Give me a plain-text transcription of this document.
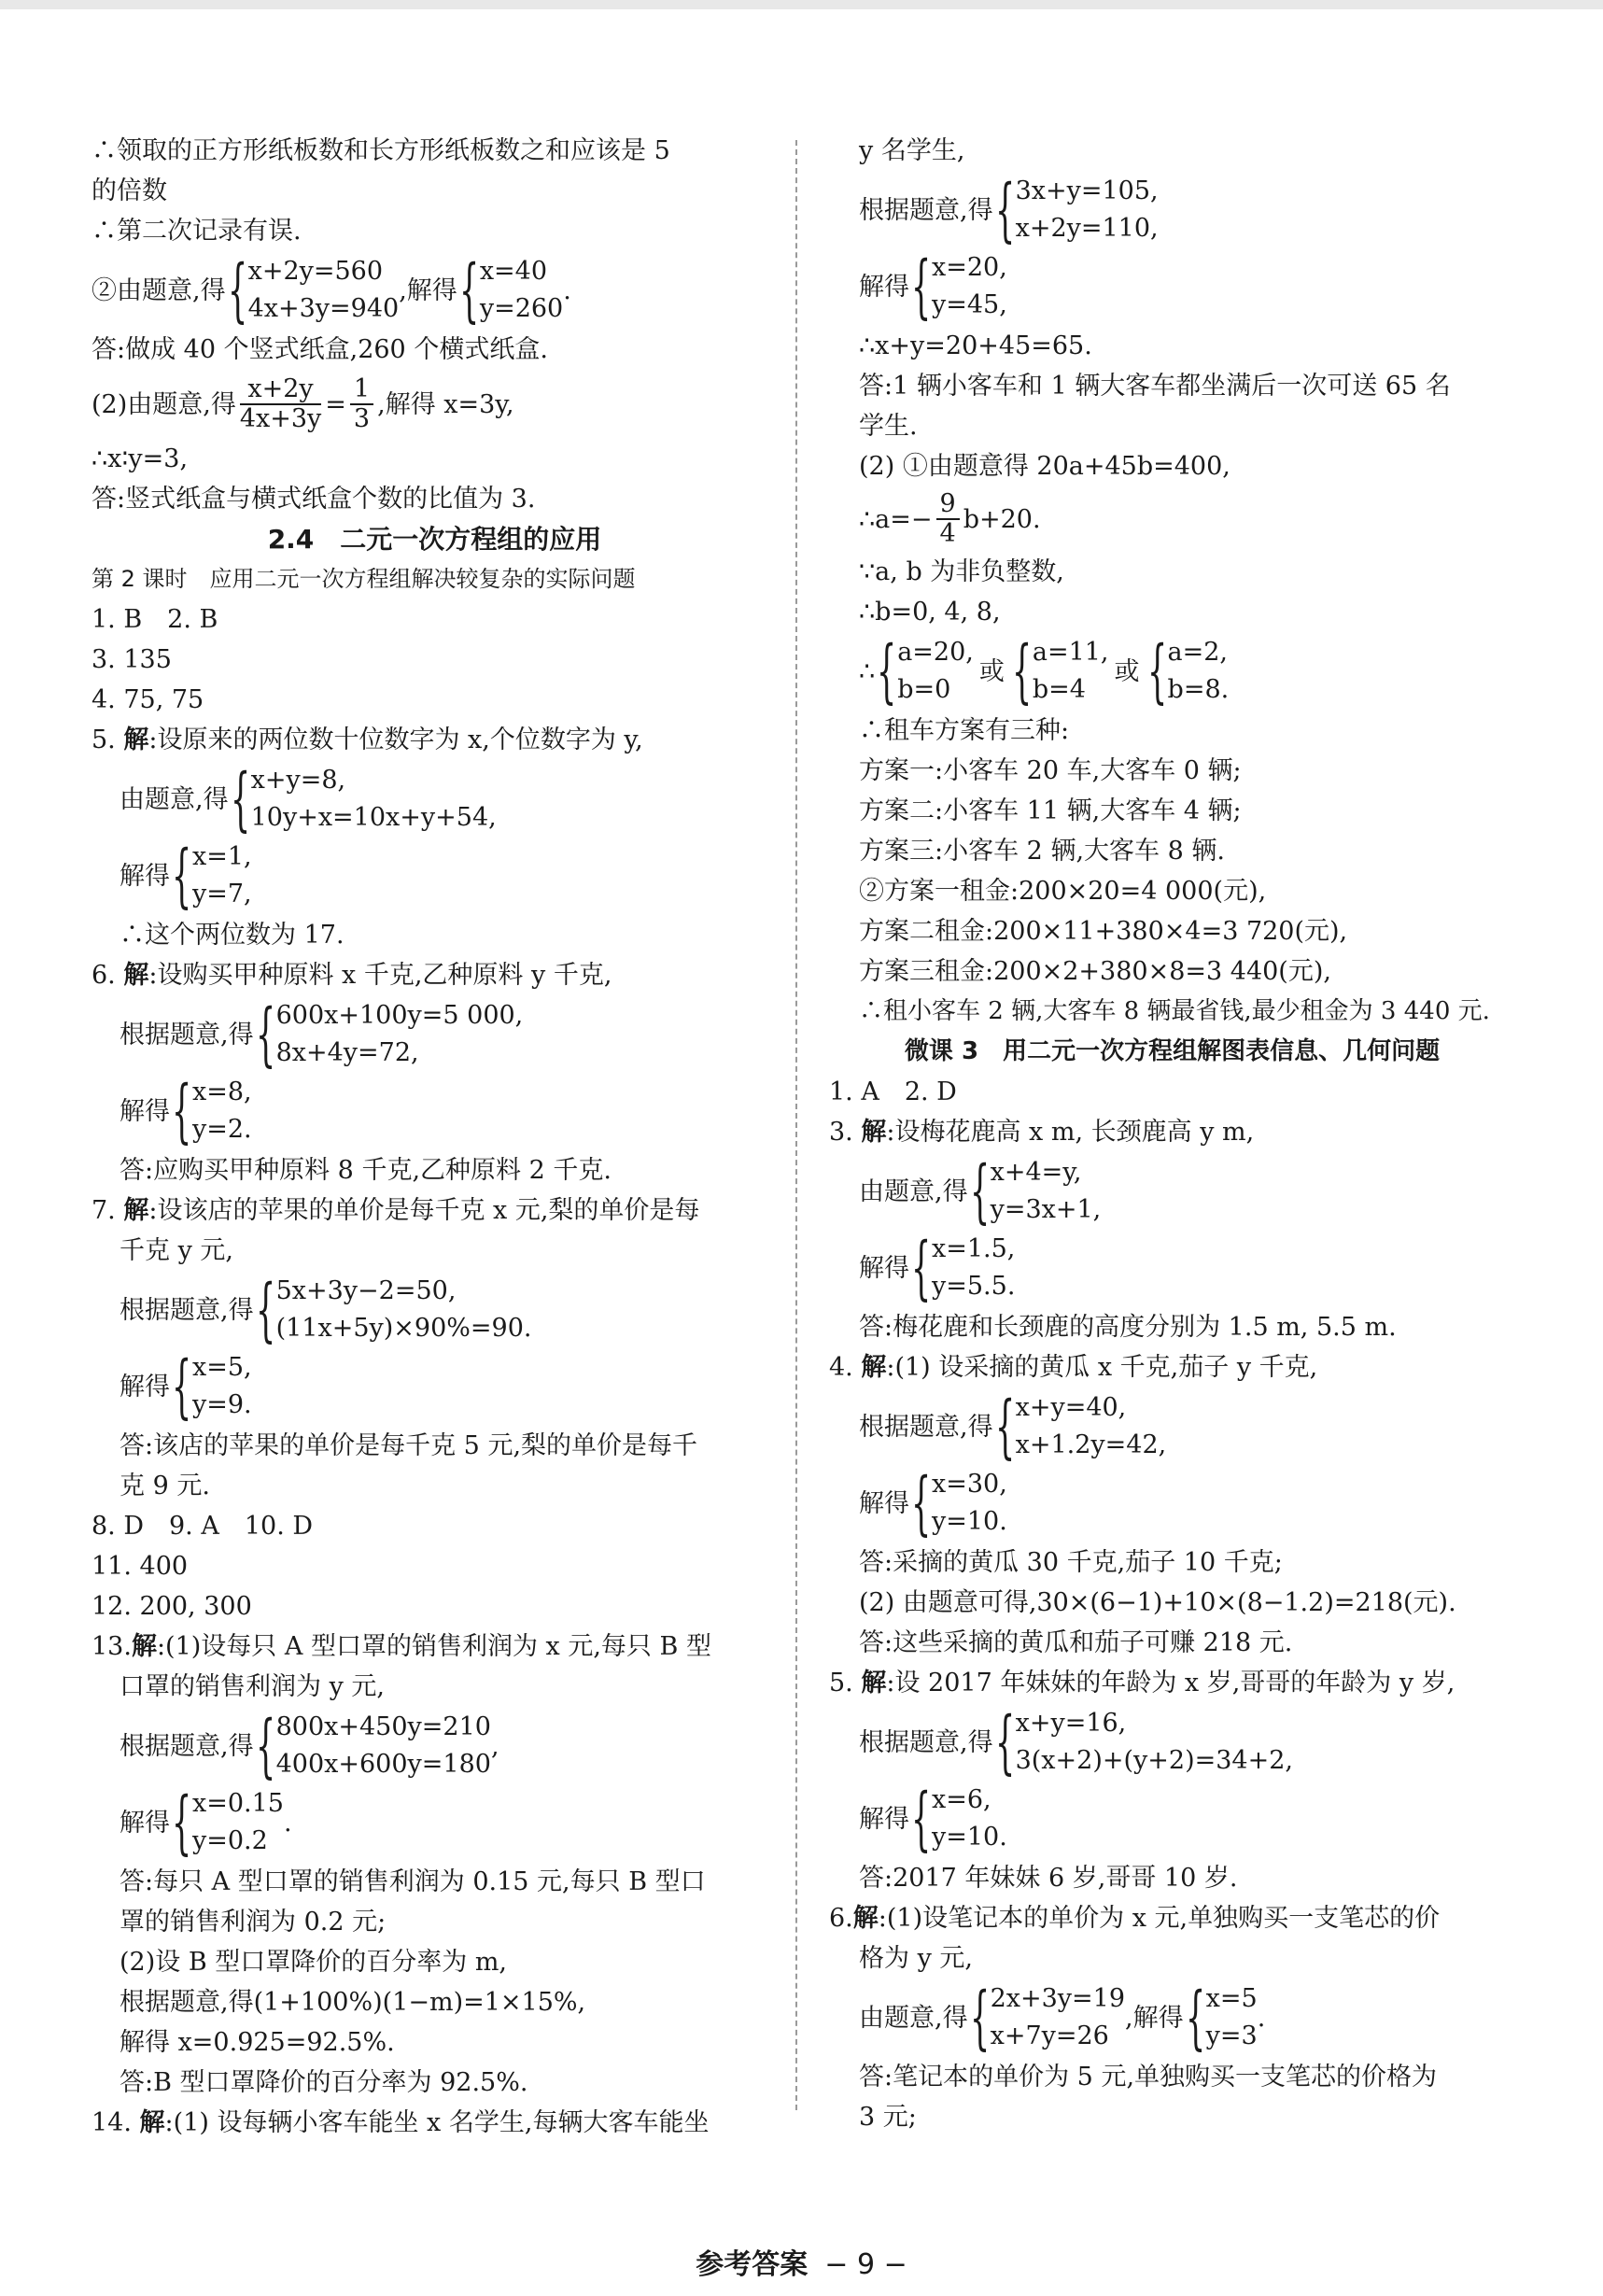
∴领取的正方形纸板数和长方形纸板数之和应该是 5
的倍数
∴第二次记录有误.
②由题意,得 { x+2y=560
4x+3y=940
,解得 { x=40
y=260
.
答:做成 40 个竖式纸盒,260 个横式纸盒.
(2)由题意,得 $\frac{x+2y}{4x+3y} = \frac{1}{3}$ ,解得 x=3y,
∴x∶y=3,
答:竖式纸盒与横式纸盒个数的比值为 3.
2.4　二元一次方程组的应用
第 2 课时　应用二元一次方程组解决较复杂的实际问题
1. B　2. B
3. 135
4. 75, 75
5. 解:设原来的两位数十位数字为 x,个位数字为 y,
由题意,得 { x+y=8,
10y+x=10x+y+54,
解得 { x=1,
y=7,
∴这个两位数为 17.
6. 解:设购买甲种原料 x 千克,乙种原料 y 千克,
根据题意,得 { 600x+100y=5 000,
8x+4y=72,
解得 { x=8,
y=2.
答:应购买甲种原料 8 千克,乙种原料 2 千克.
7. 解:设该店的苹果的单价是每千克 x 元,梨的单价是每
千克 y 元,
根据题意,得 { 5x+3y−2=50,
(11x+5y)×90%=90.
解得 { x=5,
y=9.
答:该店的苹果的单价是每千克 5 元,梨的单价是每千
克 9 元.
8. D　9. A　10. D
11. 400
12. 200, 300
13.解:(1)设每只 A 型口罩的销售利润为 x 元,每只 B 型
口罩的销售利润为 y 元,
根据题意,得 { 800x+450y=210
400x+600y=180
,
解得 { x=0.15
y=0.2
.
答:每只 A 型口罩的销售利润为 0.15 元,每只 B 型口
罩的销售利润为 0.2 元;
(2)设 B 型口罩降价的百分率为 m,
根据题意,得(1+100%)(1−m)=1×15%,
解得 x=0.925=92.5%.
答:B 型口罩降价的百分率为 92.5%.
14. 解:(1) 设每辆小客车能坐 x 名学生,每辆大客车能坐
y 名学生,
根据题意,得 { 3x+y=105,
x+2y=110,
解得 { x=20,
y=45,
∴x+y=20+45=65.
答:1 辆小客车和 1 辆大客车都坐满后一次可送 65 名
学生.
(2) ①由题意得 20a+45b=400,
∴a=− $\frac{9}{4} b+20$.
∵a, b 为非负整数,
∴b=0, 4, 8,
∴ { a=20,
b=0
或 { a=11,
b=4
或 { a=2,
b=8.
∴租车方案有三种:
方案一:小客车 20 车,大客车 0 辆;
方案二:小客车 11 辆,大客车 4 辆;
方案三:小客车 2 辆,大客车 8 辆.
②方案一租金:200×20=4 000(元),
方案二租金:200×11+380×4=3 720(元),
方案三租金:200×2+380×8=3 440(元),
∴租小客车 2 辆,大客车 8 辆最省钱,最少租金为 3 440 元.
微课 3　用二元一次方程组解图表信息、几何问题
1. A　2. D
3. 解:设梅花鹿高 x m, 长颈鹿高 y m,
由题意,得 { x+4=y,
y=3x+1,
解得 { x=1.5,
y=5.5.
答:梅花鹿和长颈鹿的高度分别为 1.5 m, 5.5 m.
4. 解:(1) 设采摘的黄瓜 x 千克,茄子 y 千克,
根据题意,得 { x+y=40,
x+1.2y=42,
解得 { x=30,
y=10.
答:采摘的黄瓜 30 千克,茄子 10 千克;
(2) 由题意可得,30×(6−1)+10×(8−1.2)=218(元).
答:这些采摘的黄瓜和茄子可赚 218 元.
5. 解:设 2017 年妹妹的年龄为 x 岁,哥哥的年龄为 y 岁,
根据题意,得 { x+y=16,
3(x+2)+(y+2)=34+2,
解得 { x=6,
y=10.
答:2017 年妹妹 6 岁,哥哥 10 岁.
6.解:(1)设笔记本的单价为 x 元,单独购买一支笔芯的价
格为 y 元,
由题意,得 { 2x+3y=19
x+7y=26
,解得 { x=5
y=3
.
答:笔记本的单价为 5 元,单独购买一支笔芯的价格为
3 元;
参考答案 − 9 −
